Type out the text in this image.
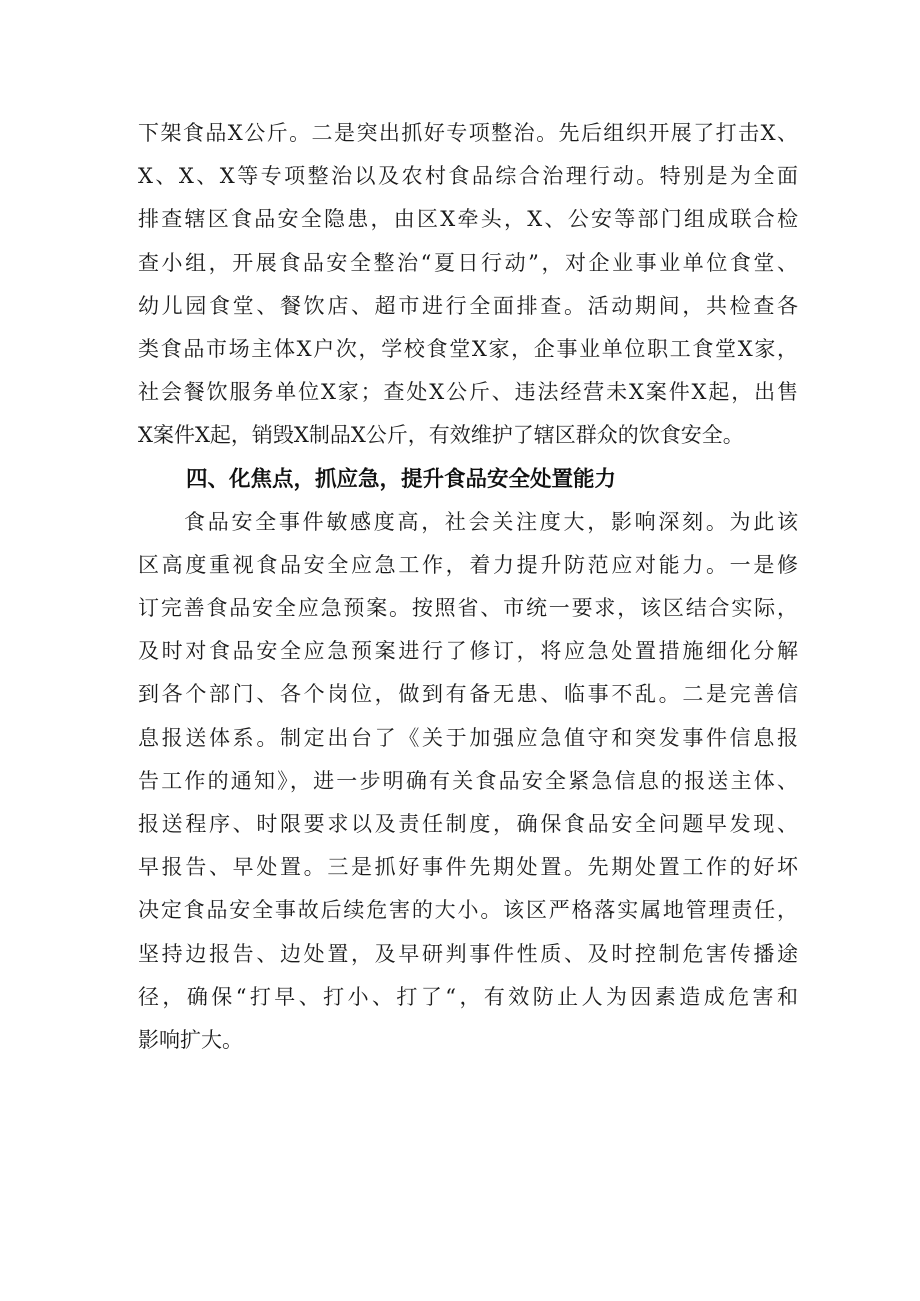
下架食品X公斤。二是突出抓好专项整治。先后组织开展了打击X、
X、X、X等专项整治以及农村食品综合治理行动。特别是为全面
排查辖区食品安全隐患，由区X牵头，X、公安等部门组成联合检
查小组，开展食品安全整治“夏日行动”，对企业事业单位食堂、
幼儿园食堂、餐饮店、超市进行全面排查。活动期间，共检查各
类食品市场主体X户次，学校食堂X家，企事业单位职工食堂X家，
社会餐饮服务单位X家；查处X公斤、违法经营未X案件X起，出售
X案件X起，销毁X制品X公斤，有效维护了辖区群众的饮食安全。
四、化焦点，抓应急，提升食品安全处置能力
食品安全事件敏感度高，社会关注度大，影响深刻。为此该
区高度重视食品安全应急工作，着力提升防范应对能力。一是修
订完善食品安全应急预案。按照省、市统一要求，该区结合实际，
及时对食品安全应急预案进行了修订，将应急处置措施细化分解
到各个部门、各个岗位，做到有备无患、临事不乱。二是完善信
息报送体系。制定出台了《关于加强应急值守和突发事件信息报
告工作的通知》，进一步明确有关食品安全紧急信息的报送主体、
报送程序、时限要求以及责任制度，确保食品安全问题早发现、
早报告、早处置。三是抓好事件先期处置。先期处置工作的好坏
决定食品安全事故后续危害的大小。该区严格落实属地管理责任，
坚持边报告、边处置，及早研判事件性质、及时控制危害传播途
径，确保“打早、打小、打了“，有效防止人为因素造成危害和
影响扩大。
